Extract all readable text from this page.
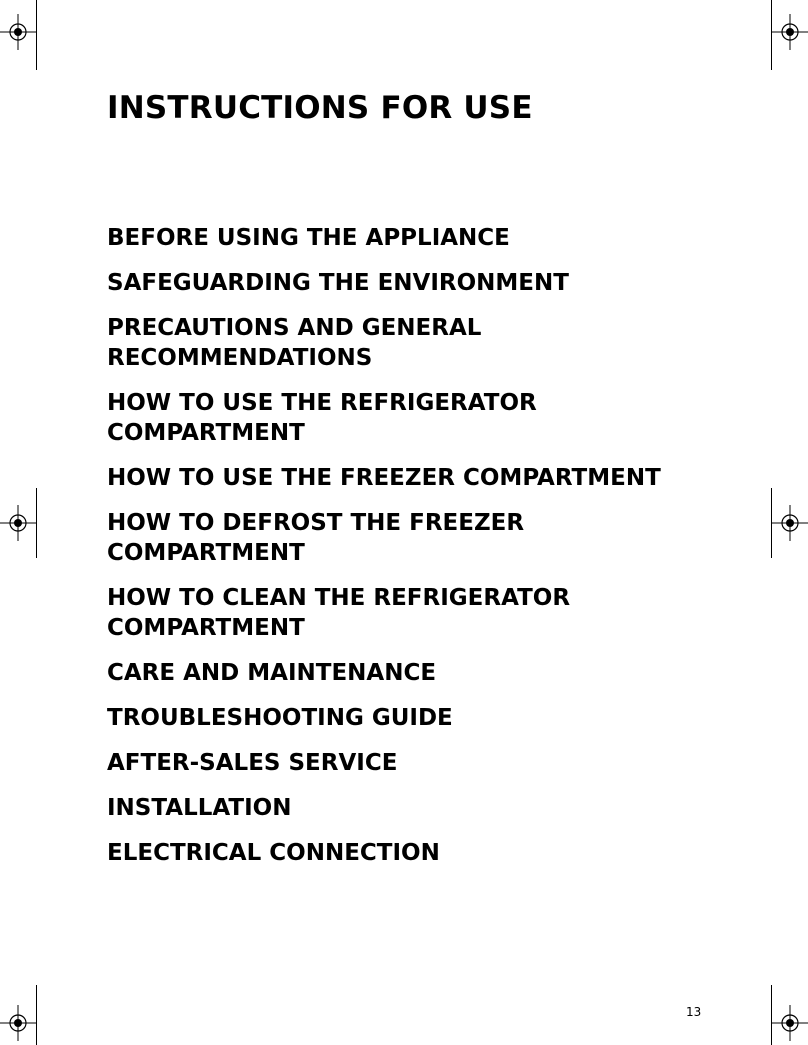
INSTRUCTIONS FOR USE
BEFORE USING THE APPLIANCE
SAFEGUARDING THE ENVIRONMENT
PRECAUTIONS AND GENERAL RECOMMENDATIONS
HOW TO USE THE REFRIGERATOR COMPARTMENT
HOW TO USE THE FREEZER COMPARTMENT
HOW TO DEFROST THE FREEZER COMPARTMENT
HOW TO CLEAN THE REFRIGERATOR COMPARTMENT
CARE AND MAINTENANCE
TROUBLESHOOTING GUIDE
AFTER-SALES SERVICE
INSTALLATION
ELECTRICAL CONNECTION
13
